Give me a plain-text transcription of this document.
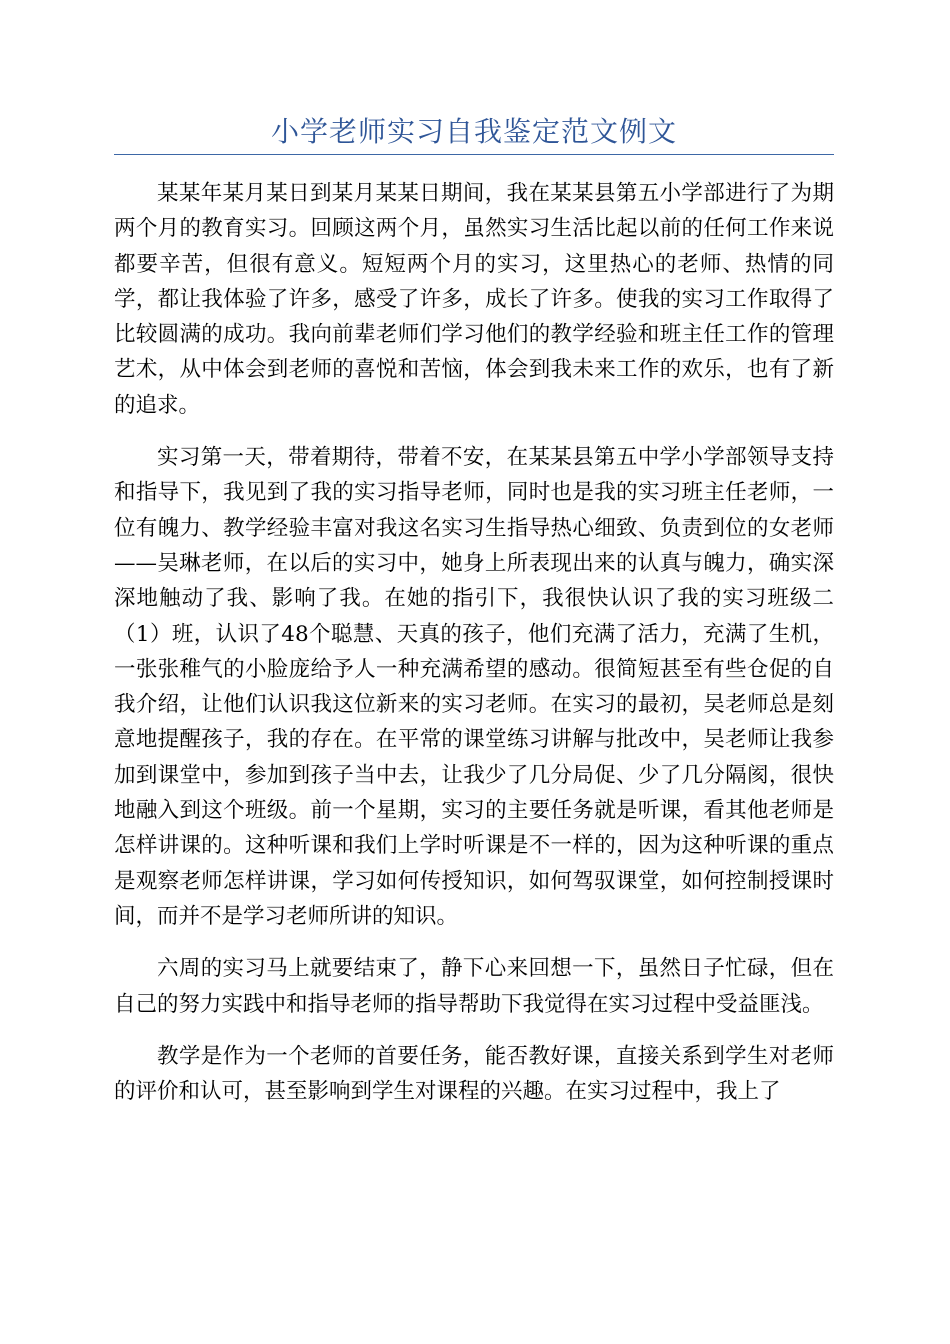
小学老师实习自我鉴定范文例文

某某年某月某日到某月某某日期间，我在某某县第五小学部进行了为期两个月的教育实习。回顾这两个月，虽然实习生活比起以前的任何工作来说都要辛苦，但很有意义。短短两个月的实习，这里热心的老师、热情的同学，都让我体验了许多，感受了许多，成长了许多。使我的实习工作取得了比较圆满的成功。我向前辈老师们学习他们的教学经验和班主任工作的管理艺术，从中体会到老师的喜悦和苦恼，体会到我未来工作的欢乐，也有了新的追求。

实习第一天，带着期待，带着不安，在某某县第五中学小学部领导支持和指导下，我见到了我的实习指导老师，同时也是我的实习班主任老师，一位有魄力、教学经验丰富对我这名实习生指导热心细致、负责到位的女老师——吴琳老师，在以后的实习中，她身上所表现出来的认真与魄力，确实深深地触动了我、影响了我。在她的指引下，我很快认识了我的实习班级二（1）班，认识了48个聪慧、天真的孩子，他们充满了活力，充满了生机，一张张稚气的小脸庞给予人一种充满希望的感动。很简短甚至有些仓促的自我介绍，让他们认识我这位新来的实习老师。在实习的最初，吴老师总是刻意地提醒孩子，我的存在。在平常的课堂练习讲解与批改中，吴老师让我参加到课堂中，参加到孩子当中去，让我少了几分局促、少了几分隔阂，很快地融入到这个班级。前一个星期，实习的主要任务就是听课，看其他老师是怎样讲课的。这种听课和我们上学时听课是不一样的，因为这种听课的重点是观察老师怎样讲课，学习如何传授知识，如何驾驭课堂，如何控制授课时间，而并不是学习老师所讲的知识。

六周的实习马上就要结束了，静下心来回想一下，虽然日子忙碌，但在自己的努力实践中和指导老师的指导帮助下我觉得在实习过程中受益匪浅。

教学是作为一个老师的首要任务，能否教好课，直接关系到学生对老师的评价和认可，甚至影响到学生对课程的兴趣。在实习过程中，我上了
